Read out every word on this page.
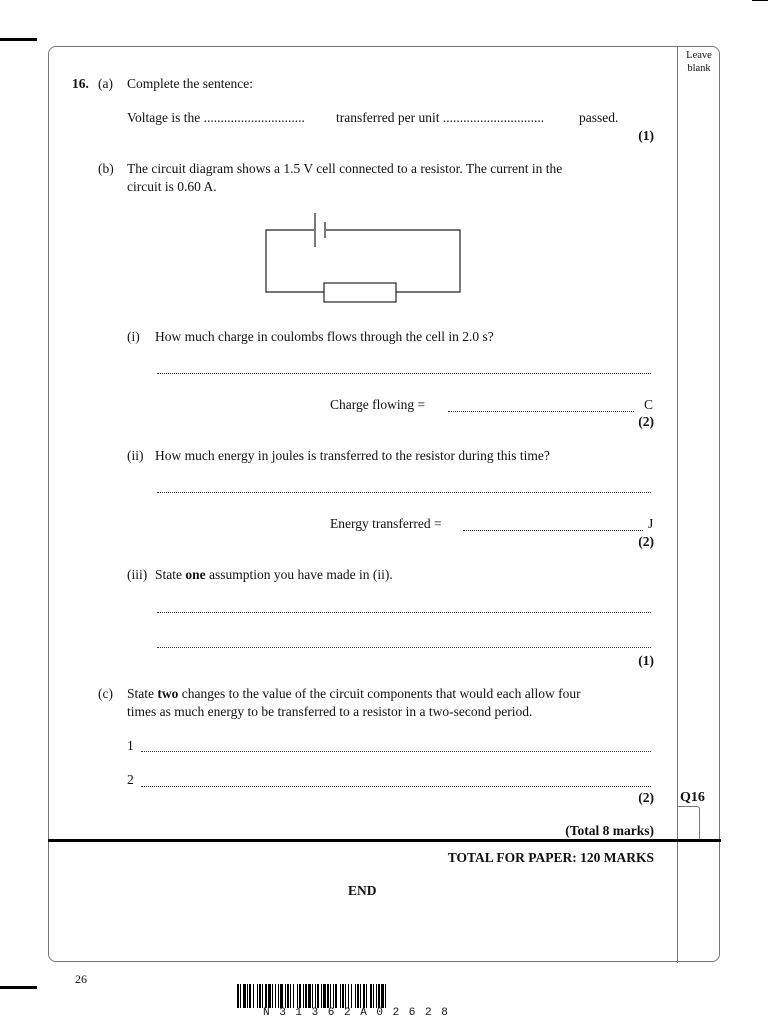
Leave blank
16. (a) Complete the sentence:
Voltage is the .............................. transferred per unit ..............................	passed.
(1)
(b) The circuit diagram shows a 1.5 V cell connected to a resistor. The current in the
circuit is 0.60 A.
(i) How much charge in coulombs flows through the cell in 2.0 s?
Charge flowing =	C
(2)
(ii) How much energy in joules is transferred to the resistor during this time?
Energy transferred =	J
(2)
(iii) State one assumption you have made in (ii).
(1)
(c) State two changes to the value of the circuit components that would each allow four
times as much energy to be transferred to a resistor in a two-second period.
1
2
(2) Q16
(Total 8 marks)
TOTAL FOR PAPER: 120 MARKS
END
26
N31362A02628
